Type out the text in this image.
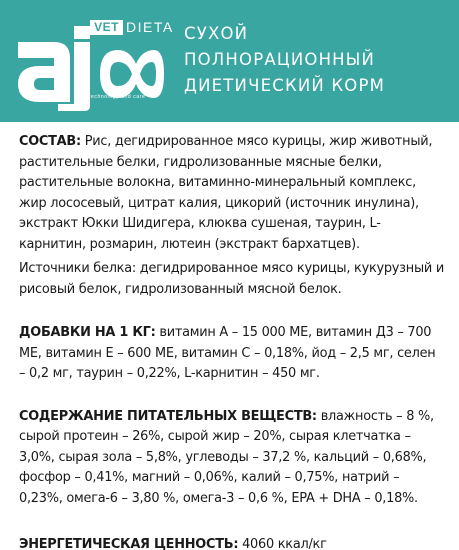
VET DIETA
technology and care
СУХОЙ
ПОЛНОРАЦИОННЫЙ
ДИЕТИЧЕСКИЙ КОРМ

СОСТАВ: Рис, дегидрированное мясо курицы, жир животный, растительные белки, гидролизованные мясные белки, растительные волокна, витаминно-минеральный комплекс, жир лососевый, цитрат калия, цикорий (источник инулина), экстракт Юкки Шидигера, клюква сушеная, таурин, L-карнитин, розмарин, лютеин (экстракт бархатцев).

Источники белка: дегидрированное мясо курицы, кукурузный и рисовый белок, гидролизованный мясной белок.

ДОБАВКИ НА 1 КГ: витамин А – 15 000 МЕ, витамин Д3 – 700 МЕ, витамин Е – 600 МЕ, витамин С – 0,18%, йод – 2,5 мг, селен – 0,2 мг, таурин – 0,22%, L-карнитин – 450 мг.

СОДЕРЖАНИЕ ПИТАТЕЛЬНЫХ ВЕЩЕСТВ: влажность – 8 %, сырой протеин – 26%, сырой жир – 20%, сырая клетчатка – 3,0%, сырая зола – 5,8%, углеводы – 37,2 %, кальций – 0,68%, фосфор – 0,41%, магний – 0,06%, калий – 0,75%, натрий – 0,23%, омега-6 – 3,80 %, омега-3 – 0,6 %, EPA + DHA – 0,18%.

ЭНЕРГЕТИЧЕСКАЯ ЦЕННОСТЬ: 4060 ккал/кг
